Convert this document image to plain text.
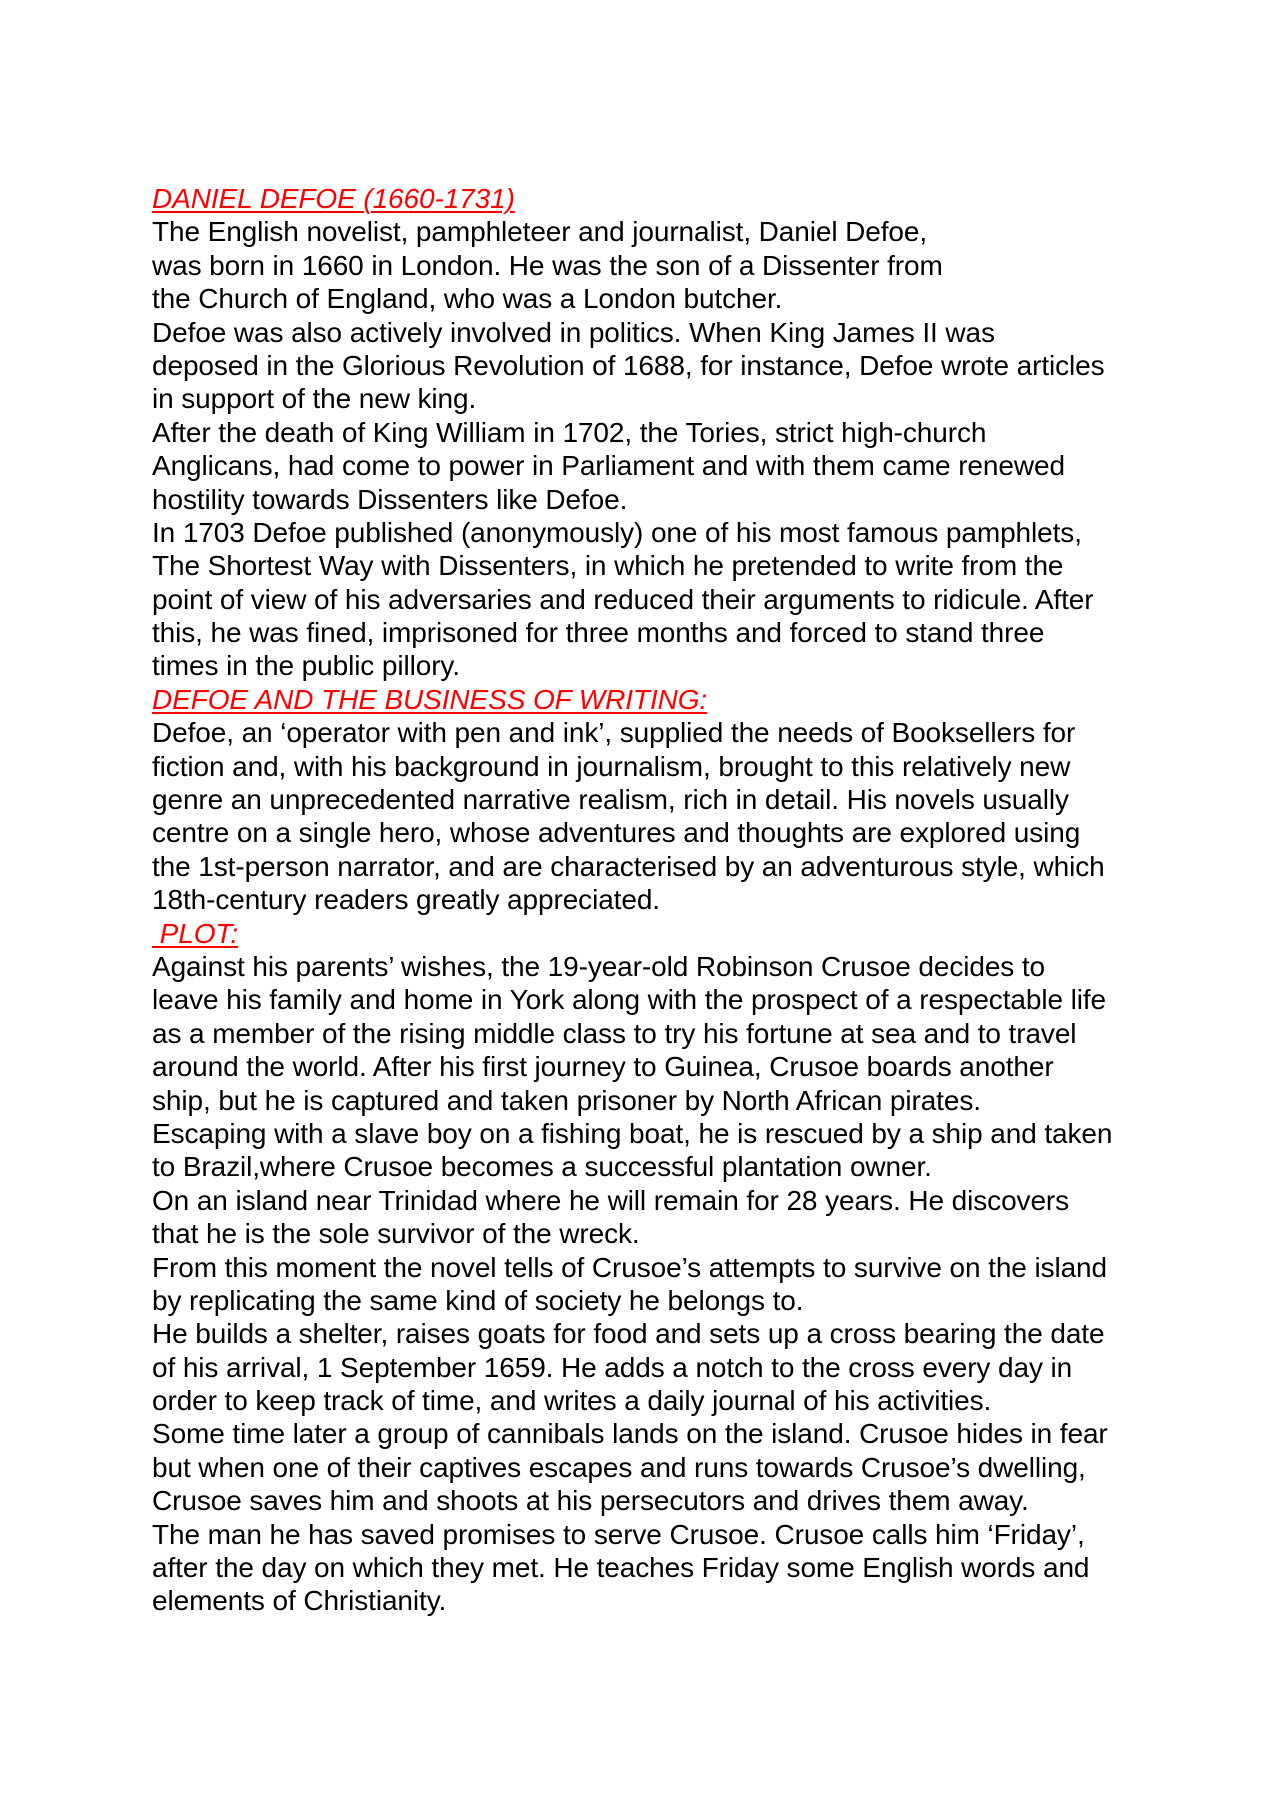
DANIEL DEFOE (1660-1731)
The English novelist, pamphleteer and journalist, Daniel Defoe,
was born in 1660 in London. He was the son of a Dissenter from
the Church of England, who was a London butcher.
Defoe was also actively involved in politics. When King James II was
deposed in the Glorious Revolution of 1688, for instance, Defoe wrote articles
in support of the new king.
After the death of King William in 1702, the Tories, strict high-church
Anglicans, had come to power in Parliament and with them came renewed
hostility towards Dissenters like Defoe.
In 1703 Defoe published (anonymously) one of his most famous pamphlets,
The Shortest Way with Dissenters, in which he pretended to write from the
point of view of his adversaries and reduced their arguments to ridicule. After
this, he was fined, imprisoned for three months and forced to stand three
times in the public pillory.
DEFOE AND THE BUSINESS OF WRITING:
Defoe, an ‘operator with pen and ink’, supplied the needs of Booksellers for
fiction and, with his background in journalism, brought to this relatively new
genre an unprecedented narrative realism, rich in detail. His novels usually
centre on a single hero, whose adventures and thoughts are explored using
the 1st-person narrator, and are characterised by an adventurous style, which
18th-century readers greatly appreciated.
PLOT:
Against his parents’ wishes, the 19-year-old Robinson Crusoe decides to
leave his family and home in York along with the prospect of a respectable life
as a member of the rising middle class to try his fortune at sea and to travel
around the world. After his first journey to Guinea, Crusoe boards another
ship, but he is captured and taken prisoner by North African pirates.
Escaping with a slave boy on a fishing boat, he is rescued by a ship and taken
to Brazil,where Crusoe becomes a successful plantation owner.
On an island near Trinidad where he will remain for 28 years. He discovers
that he is the sole survivor of the wreck.
From this moment the novel tells of Crusoe’s attempts to survive on the island
by replicating the same kind of society he belongs to.
He builds a shelter, raises goats for food and sets up a cross bearing the date
of his arrival, 1 September 1659. He adds a notch to the cross every day in
order to keep track of time, and writes a daily journal of his activities.
Some time later a group of cannibals lands on the island. Crusoe hides in fear
but when one of their captives escapes and runs towards Crusoe’s dwelling,
Crusoe saves him and shoots at his persecutors and drives them away.
The man he has saved promises to serve Crusoe. Crusoe calls him ‘Friday’,
after the day on which they met. He teaches Friday some English words and
elements of Christianity.
